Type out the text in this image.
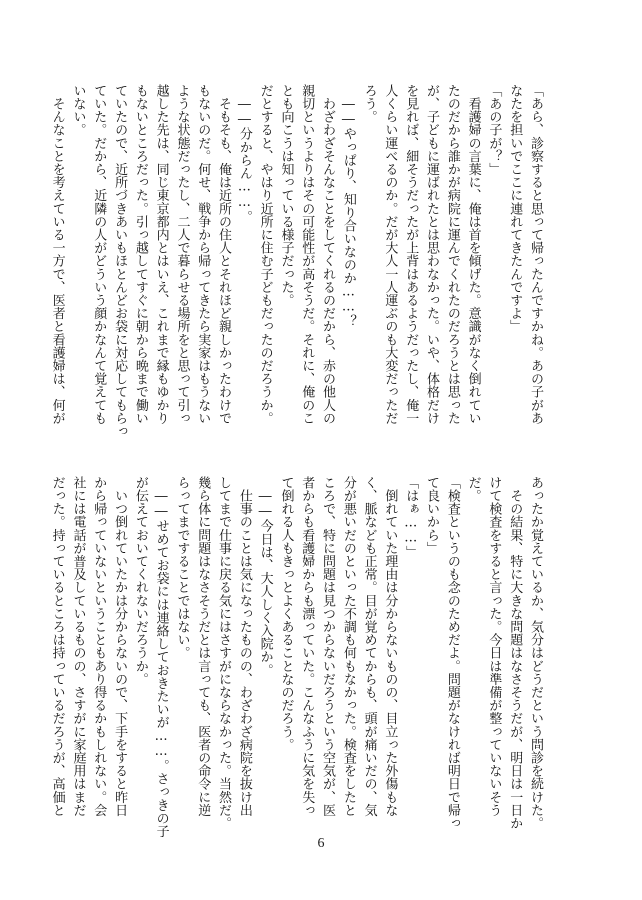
「あら、診察すると思って帰ったんですかね。あの子があ
なたを担いでここに連れてきたんですよ」
「あの子が？」
　看護婦の言葉に、俺は首を傾げた。意識がなく倒れてい
たのだから誰かが病院に運んでくれたのだろうとは思った
が、子どもに運ばれたとは思わなかった。いや、体格だけ
を見れば、細そうだったが上背はあるようだったし、俺一
人くらい運べるのか。だが大人一人運ぶのも大変だっただ
ろう。
　――やっぱり、知り合いなのか……？
　わざわざそんなことをしてくれるのだから、赤の他人の
親切というよりはその可能性が高そうだ。それに、俺のこ
とも向こうは知っている様子だった。
だとすると、やはり近所に住む子どもだったのだろうか。
　――分からん……。
　そもそも、俺は近所の住人とそれほど親しかったわけで
もないのだ。何せ、戦争から帰ってきたら実家はもうない
ような状態だったし、二人で暮らせる場所をと思って引っ
越した先は、同じ東京都内とはいえ、これまで縁もゆかり
もないところだった。引っ越してすぐに朝から晩まで働い
ていたので、近所づきあいもほとんどお袋に対応してもらっ
ていた。だから、近隣の人がどういう顔かなんて覚えても
いない。
　そんなことを考えている一方で、医者と看護婦は、何が
あったか覚えているか、気分はどうだという問診を続けた。
　その結果、特に大きな問題はなさそうだが、明日は一日か
けて検査をすると言った。今日は準備が整っていないそう
だ。
「検査というのも念のためだよ。問題がなければ明日で帰っ
て良いから」
「はぁ……」
　倒れていた理由は分からないものの、目立った外傷もな
く、脈なども正常。目が覚めてからも、頭が痛いだの、気
分が悪いだのといった不調も何もなかった。検査をしたと
ころで、特に問題は見つからないだろうという空気が、医
者からも看護婦からも漂っていた。こんなふうに気を失っ
て倒れる人もきっとよくあることなのだろう。
　――今日は、大人しく入院か。
　仕事のことは気になったものの、わざわざ病院を抜け出
してまで仕事に戻る気にはさすがにならなかった。当然だ。
幾ら体に問題はなさそうだとは言っても、医者の命令に逆
らってまですることではない。
　――せめてお袋には連絡しておきたいが……。さっきの子
が伝えておいてくれないだろうか。
　いつ倒れていたかは分からないので、下手をすると昨日
から帰っていないということもあり得るかもしれない。会
社には電話が普及しているものの、さすがに家庭用はまだ
だった。持っているところは持っているだろうが、高価と
6
